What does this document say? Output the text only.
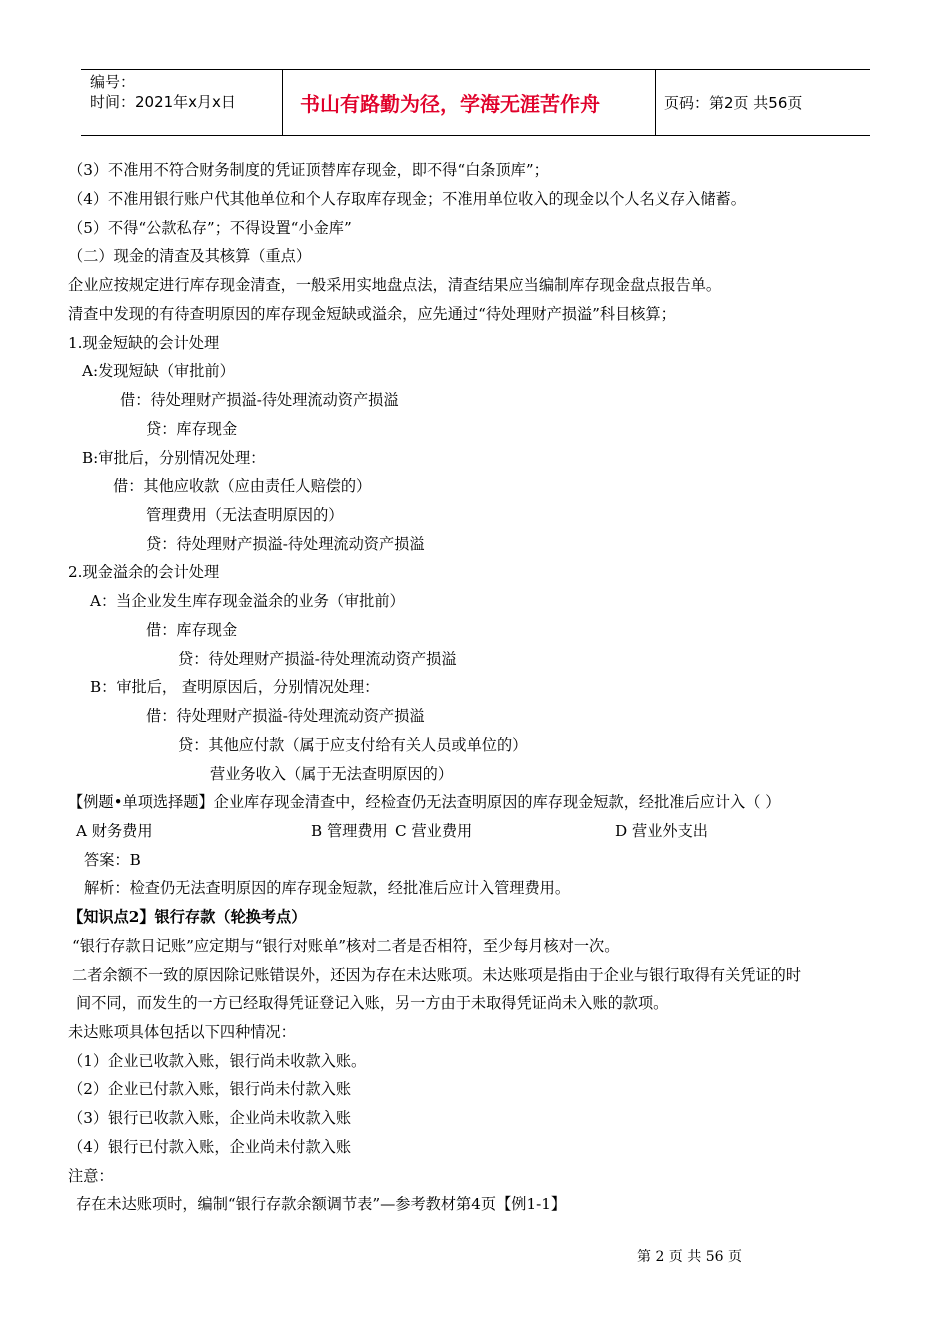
编号：
时间：2021年x月x日	书山有路勤为径，学海无涯苦作舟	页码：第2页 共56页
（3）不准用不符合财务制度的凭证顶替库存现金，即不得“白条顶库”；
（4）不准用银行账户代其他单位和个人存取库存现金；不准用单位收入的现金以个人名义存入储蓄。
（5）不得“公款私存”；不得设置“小金库”
（二）现金的清查及其核算（重点）
企业应按规定进行库存现金清查，一般采用实地盘点法，清查结果应当编制库存现金盘点报告单。
清查中发现的有待查明原因的库存现金短缺或溢余，应先通过“待处理财产损溢”科目核算；
1.现金短缺的会计处理
A:发现短缺（审批前）
借：待处理财产损溢-待处理流动资产损溢
贷：库存现金
B:审批后，分别情况处理：
借：其他应收款（应由责任人赔偿的）
管理费用（无法查明原因的）
贷：待处理财产损溢-待处理流动资产损溢
2.现金溢余的会计处理
A：当企业发生库存现金溢余的业务（审批前）
借：库存现金
贷：待处理财产损溢-待处理流动资产损溢
B：审批后， 查明原因后，分别情况处理：
借：待处理财产损溢-待处理流动资产损溢
贷：其他应付款（属于应支付给有关人员或单位的）
营业务收入（属于无法查明原因的）
【例题•单项选择题】企业库存现金清查中，经检查仍无法查明原因的库存现金短款，经批准后应计入（ ）
A 财务费用	B 管理费用 C 营业费用	D 营业外支出
答案：B
解析：检查仍无法查明原因的库存现金短款，经批准后应计入管理费用。
【知识点2】银行存款（轮换考点）
“银行存款日记账”应定期与“银行对账单”核对二者是否相符，至少每月核对一次。
二者余额不一致的原因除记账错误外，还因为存在未达账项。未达账项是指由于企业与银行取得有关凭证的时
间不同，而发生的一方已经取得凭证登记入账，另一方由于未取得凭证尚未入账的款项。
未达账项具体包括以下四种情况：
（1）企业已收款入账，银行尚未收款入账。
（2）企业已付款入账，银行尚未付款入账
（3）银行已收款入账，企业尚未收款入账
（4）银行已付款入账，企业尚未付款入账
注意：
存在未达账项时，编制“银行存款余额调节表”—参考教材第4页【例1-1】
第 2 页 共 56 页
